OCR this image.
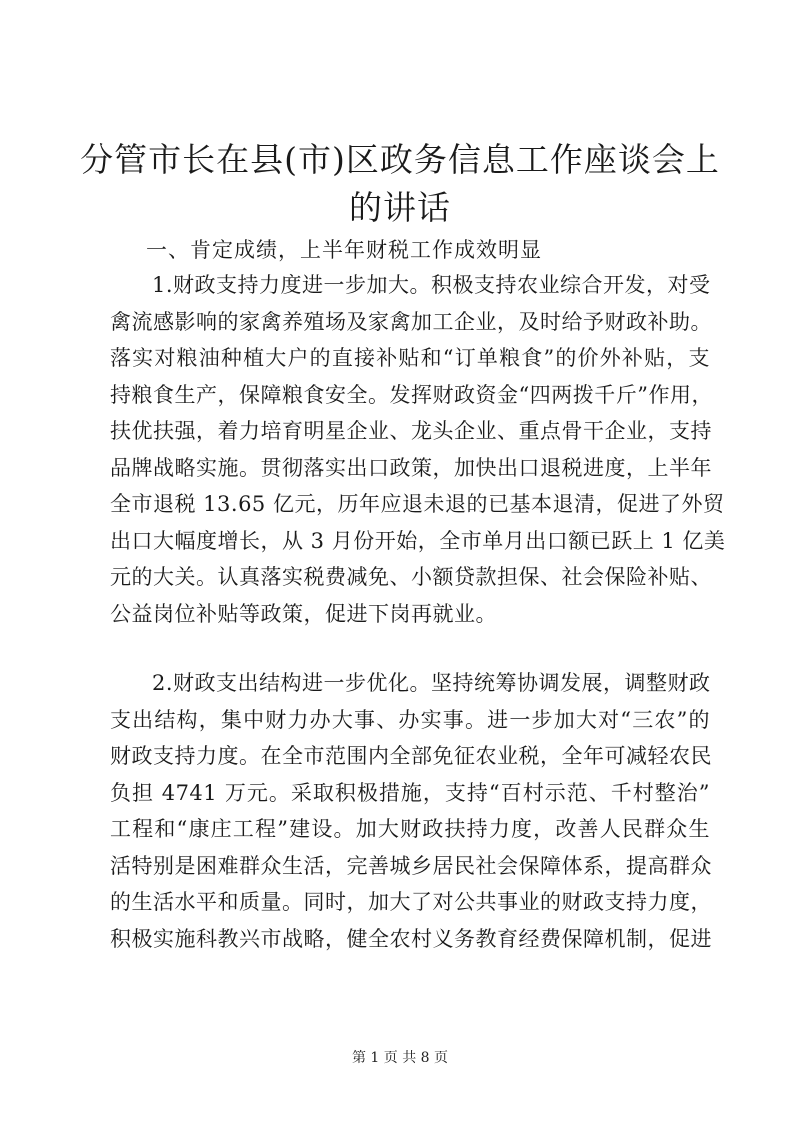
分管市长在县(市)区政务信息工作座谈会上的讲话

一、肯定成绩，上半年财税工作成效明显

1.财政支持力度进一步加大。积极支持农业综合开发，对受
禽流感影响的家禽养殖场及家禽加工企业，及时给予财政补助。
落实对粮油种植大户的直接补贴和“订单粮食”的价外补贴，支
持粮食生产，保障粮食安全。发挥财政资金“四两拨千斤”作用，
扶优扶强，着力培育明星企业、龙头企业、重点骨干企业，支持
品牌战略实施。贯彻落实出口政策，加快出口退税进度，上半年
全市退税 13.65 亿元，历年应退未退的已基本退清，促进了外贸
出口大幅度增长，从 3 月份开始，全市单月出口额已跃上 1 亿美
元的大关。认真落实税费减免、小额贷款担保、社会保险补贴、
公益岗位补贴等政策，促进下岗再就业。
2.财政支出结构进一步优化。坚持统筹协调发展，调整财政
支出结构，集中财力办大事、办实事。进一步加大对“三农”的
财政支持力度。在全市范围内全部免征农业税，全年可减轻农民
负担 4741 万元。采取积极措施，支持“百村示范、千村整治”
工程和“康庄工程”建设。加大财政扶持力度，改善人民群众生
活特别是困难群众生活，完善城乡居民社会保障体系，提高群众
的生活水平和质量。同时，加大了对公共事业的财政支持力度，
积极实施科教兴市战略，健全农村义务教育经费保障机制，促进
第 1 页 共 8 页
